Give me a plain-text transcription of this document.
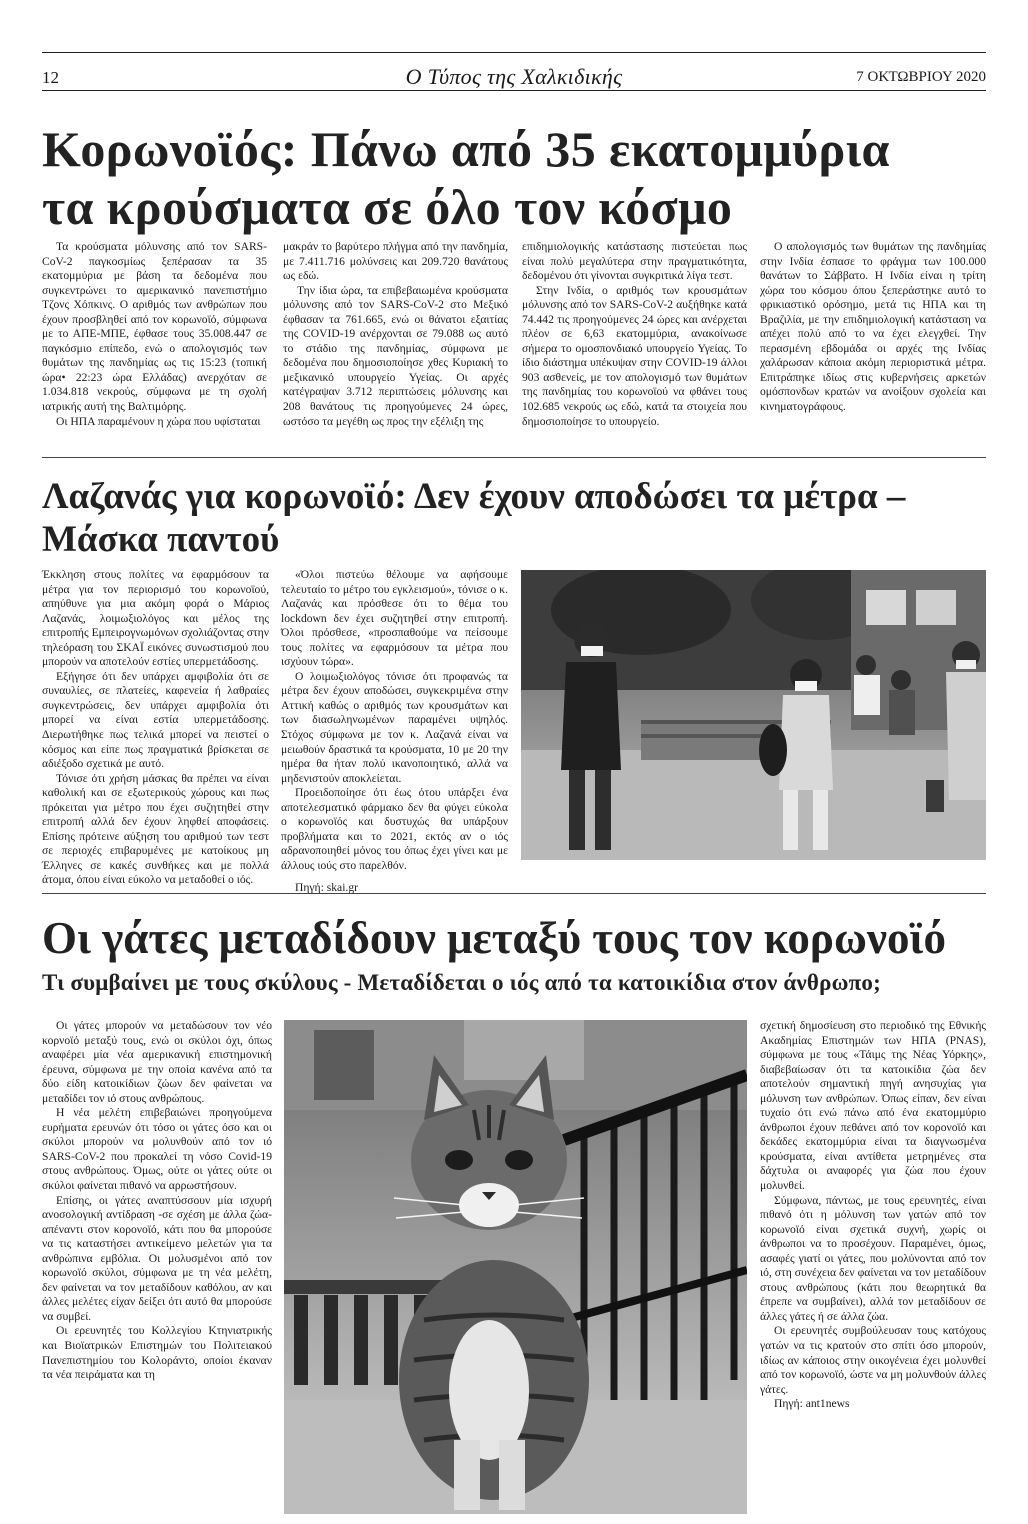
12	Ο Τύπος της Χαλκιδικής	7 ΟΚΤΩΒΡΙΟΥ 2020
Κορωνοϊός: Πάνω από 35 εκατομμύρια
τα κρούσματα σε όλο τον κόσμο

Τα κρούσματα μόλυνσης από τον SARS-CoV-2 παγκοσμίως ξεπέρασαν τα 35 εκατομμύρια με βάση τα δεδομένα που συγκεντρώνει το αμερικανικό πανεπιστήμιο Τζονς Χόπκινς. Ο αριθμός των ανθρώπων που έχουν προσβληθεί από τον κορωνοϊό, σύμφωνα με το ΑΠΕ-ΜΠΕ, έφθασε τους 35.008.447 σε παγκόσμιο επίπεδο, ενώ ο απολογισμός των θυμάτων της πανδημίας ως τις 15:23 (τοπική ώρα• 22:23 ώρα Ελλάδας) ανερχόταν σε 1.034.818 νεκρούς, σύμφωνα με τη σχολή ιατρικής αυτή της Βαλτιμόρης.

Οι ΗΠΑ παραμένουν η χώρα που υφίσταται

μακράν το βαρύτερο πλήγμα από την πανδημία, με 7.411.716 μολύνσεις και 209.720 θανάτους ως εδώ.

Την ίδια ώρα, τα επιβεβαιωμένα κρούσματα μόλυνσης από τον SARS-CoV-2 στο Μεξικό έφθασαν τα 761.665, ενώ οι θάνατοι εξαιτίας της COVID-19 ανέρχονται σε 79.088 ως αυτό το στάδιο της πανδημίας, σύμφωνα με δεδομένα που δημοσιοποίησε χθες Κυριακή το μεξικανικό υπουργείο Υγείας. Οι αρχές κατέγραψαν 3.712 περιπτώσεις μόλυνσης και 208 θανάτους τις προηγούμενες 24 ώρες, ωστόσο τα μεγέθη ως προς την εξέλιξη της

επιδημιολογικής κατάστασης πιστεύεται πως είναι πολύ μεγαλύτερα στην πραγματικότητα, δεδομένου ότι γίνονται συγκριτικά λίγα τεστ.

Στην Ινδία, ο αριθμός των κρουσμάτων μόλυνσης από τον SARS-CoV-2 αυξήθηκε κατά 74.442 τις προηγούμενες 24 ώρες και ανέρχεται πλέον σε 6,63 εκατομμύρια, ανακοίνωσε σήμερα το ομοσπονδιακό υπουργείο Υγείας. Το ίδιο διάστημα υπέκυψαν στην COVID-19 άλλοι 903 ασθενείς, με τον απολογισμό των θυμάτων της πανδημίας του κορωνοϊού να φθάνει τους 102.685 νεκρούς ως εδώ, κατά τα στοιχεία που δημοσιοποίησε το υπουργείο.

Ο απολογισμός των θυμάτων της πανδημίας στην Ινδία έσπασε το φράγμα των 100.000 θανάτων το Σάββατο. Η Ινδία είναι η τρίτη χώρα του κόσμου όπου ξεπεράστηκε αυτό το φρικιαστικό ορόσημο, μετά τις ΗΠΑ και τη Βραζιλία, με την επιδημιολογική κατάσταση να απέχει πολύ από το να έχει ελεγχθεί. Την περασμένη εβδομάδα οι αρχές της Ινδίας χαλάρωσαν κάποια ακόμη περιοριστικά μέτρα. Επιτράπηκε ιδίως στις κυβερνήσεις αρκετών ομόσπονδων κρατών να ανοίξουν σχολεία και κινηματογράφους.

Λαζανάς για κορωνοϊό: Δεν έχουν αποδώσει τα μέτρα –
Μάσκα παντού

Έκκληση στους πολίτες να εφαρμόσουν τα μέτρα για τον περιορισμό του κορωνοϊού, απηύθυνε για μια ακόμη φορά ο Μάριος Λαζανάς, λοιμωξιολόγος και μέλος της επιτροπής Εμπειρογνωμόνων σχολιάζοντας στην τηλεόραση του ΣΚΑΪ εικόνες συνωστισμού που μπορούν να αποτελούν εστίες υπερμετάδοσης.

Εξήγησε ότι δεν υπάρχει αμφιβολία ότι σε συναυλίες, σε πλατείες, καφενεία ή λαθραίες συγκεντρώσεις, δεν υπάρχει αμφιβολία ότι μπορεί να είναι εστία υπερμετάδοσης. Διερωτήθηκε πως τελικά μπορεί να πειστεί ο κόσμος και είπε πως πραγματικά βρίσκεται σε αδιέξοδο σχετικά με αυτό.

Τόνισε ότι χρήση μάσκας θα πρέπει να είναι καθολική και σε εξωτερικούς χώρους και πως πρόκειται για μέτρο που έχει συζητηθεί στην επιτροπή αλλά δεν έχουν ληφθεί αποφάσεις. Επίσης πρότεινε αύξηση του αριθμού των τεστ σε περιοχές επιβαρυμένες με κατοίκους μη Έλληνες σε κακές συνθήκες και με πολλά άτομα, όπου είναι εύκολο να μεταδοθεί ο ιός.

«Όλοι πιστεύω θέλουμε να αφήσουμε τελευταίο το μέτρο του εγκλεισμού», τόνισε ο κ. Λαζανάς και πρόσθεσε ότι το θέμα του lockdown δεν έχει συζητηθεί στην επιτροπή. Όλοι πρόσθεσε, «προσπαθούμε να πείσουμε τους πολίτες να εφαρμόσουν τα μέτρα που ισχύουν τώρα».

Ο λοιμωξιολόγος τόνισε ότι προφανώς τα μέτρα δεν έχουν αποδώσει, συγκεκριμένα στην Αττική καθώς ο αριθμός των κρουσμάτων και των διασωληνωμένων παραμένει υψηλός. Στόχος σύμφωνα με τον κ. Λαζανά είναι να μειωθούν δραστικά τα κρούσματα, 10 με 20 την ημέρα θα ήταν πολύ ικανοποιητικό, αλλά να μηδενιστούν αποκλείεται.

Προειδοποίησε ότι έως ότου υπάρξει ένα αποτελεσματικό φάρμακο δεν θα φύγει εύκολα ο κορωνοϊός και δυστυχώς θα υπάρξουν προβλήματα και το 2021, εκτός αν ο ιός αδρανοποιηθεί μόνος του όπως έχει γίνει και με άλλους ιούς στο παρελθόν.

Πηγή: skai.gr

Οι γάτες μεταδίδουν μεταξύ τους τον κορωνοϊό
Τι συμβαίνει με τους σκύλους - Μεταδίδεται ο ιός από τα κατοικίδια στον άνθρωπο;

Οι γάτες μπορούν να μεταδώσουν τον νέο κορνοϊό μεταξύ τους, ενώ οι σκύλοι όχι, όπως αναφέρει μία νέα αμερικανική επιστημονική έρευνα, σύμφωνα με την οποία κανένα από τα δύο είδη κατοικίδιων ζώων δεν φαίνεται να μεταδίδει τον ιό στους ανθρώπους.

Η νέα μελέτη επιβεβαιώνει προηγούμενα ευρήματα ερευνών ότι τόσο οι γάτες όσο και οι σκύλοι μπορούν να μολυνθούν από τον ιό SARS-CoV-2 που προκαλεί τη νόσο Covid-19 στους ανθρώπους. Όμως, ούτε οι γάτες ούτε οι σκύλοι φαίνεται πιθανό να αρρωστήσουν.

Επίσης, οι γάτες αναπτύσσουν μία ισχυρή ανοσολογική αντίδραση -σε σχέση με άλλα ζώα- απέναντι στον κορονοϊό, κάτι που θα μπορούσε να τις καταστήσει αντικείμενο μελετών για τα ανθρώπινα εμβόλια. Οι μολυσμένοι από τον κορωνοϊό σκύλοι, σύμφωνα με τη νέα μελέτη, δεν φαίνεται να τον μεταδίδουν καθόλου, αν και άλλες μελέτες είχαν δείξει ότι αυτό θα μπορούσε να συμβεί.

Οι ερευνητές του Κολλεγίου Κτηνιατρικής και Βιοϊατρικών Επιστημών του Πολιτειακού Πανεπιστημίου του Κολοράντο, οποίοι έκαναν τα νέα πειράματα και τη

σχετική δημοσίευση στο περιοδικό της Εθνικής Ακαδημίας Επιστημών των ΗΠΑ (PNAS), σύμφωνα με τους «Τάιμς της Νέας Υόρκης», διαβεβαίωσαν ότι τα κατοικίδια ζώα δεν αποτελούν σημαντική πηγή ανησυχίας για μόλυνση των ανθρώπων. Όπως είπαν, δεν είναι τυχαίο ότι ενώ πάνω από ένα εκατομμύριο άνθρωποι έχουν πεθάνει από τον κορονοϊό και δεκάδες εκατομμύρια είναι τα διαγνωσμένα κρούσματα, είναι αντίθετα μετρημένες στα δάχτυλα οι αναφορές για ζώα που έχουν μολυνθεί.

Σύμφωνα, πάντως, με τους ερευνητές, είναι πιθανό ότι η μόλυνση των γατών από τον κορωνοϊό είναι σχετικά συχνή, χωρίς οι άνθρωποι να το προσέχουν. Παραμένει, όμως, ασαφές γιατί οι γάτες, που μολύνονται από τον ιό, στη συνέχεια δεν φαίνεται να τον μεταδίδουν στους ανθρώπους (κάτι που θεωρητικά θα έπρεπε να συμβαίνει), αλλά τον μεταδίδουν σε άλλες γάτες ή σε άλλα ζώα.

Οι ερευνητές συμβούλευσαν τους κατόχους γατών να τις κρατούν στο σπίτι όσο μπορούν, ιδίως αν κάποιος στην οικογένεια έχει μολυνθεί από τον κορωνοϊό, ώστε να μη μολυνθούν άλλες γάτες.

Πηγή: ant1news
